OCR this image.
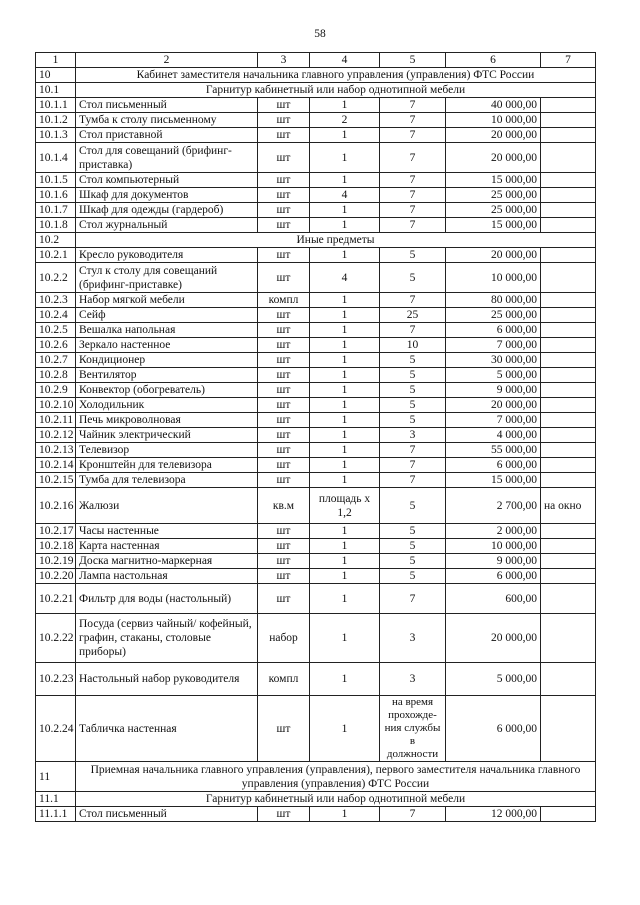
58
1	2	3	4	5	6	7
10	Кабинет заместителя начальника главного управления (управления) ФТС России					
10.1	Гарнитур кабинетный или набор однотипной мебели					
10.1.1	Стол письменный	шт	1	7	40 000,00	
10.1.2	Тумба к столу письменному	шт	2	7	10 000,00	
10.1.3	Стол приставной	шт	1	7	20 000,00	
10.1.4	Стол для совещаний (брифинг-приставка)	шт	1	7	20 000,00	
10.1.5	Стол компьютерный	шт	1	7	15 000,00	
10.1.6	Шкаф для документов	шт	4	7	25 000,00	
10.1.7	Шкаф для одежды (гардероб)	шт	1	7	25 000,00	
10.1.8	Стол журнальный	шт	1	7	15 000,00	
10.2	Иные предметы					
10.2.1	Кресло руководителя	шт	1	5	20 000,00	
10.2.2	Стул к столу для совещаний (брифинг-приставке)	шт	4	5	10 000,00	
10.2.3	Набор мягкой мебели	компл	1	7	80 000,00	
10.2.4	Сейф	шт	1	25	25 000,00	
10.2.5	Вешалка напольная	шт	1	7	6 000,00	
10.2.6	Зеркало настенное	шт	1	10	7 000,00	
10.2.7	Кондиционер	шт	1	5	30 000,00	
10.2.8	Вентилятор	шт	1	5	5 000,00	
10.2.9	Конвектор (обогреватель)	шт	1	5	9 000,00	
10.2.10	Холодильник	шт	1	5	20 000,00	
10.2.11	Печь микроволновая	шт	1	5	7 000,00	
10.2.12	Чайник электрический	шт	1	3	4 000,00	
10.2.13	Телевизор	шт	1	7	55 000,00	
10.2.14	Кронштейн для телевизора	шт	1	7	6 000,00	
10.2.15	Тумба для телевизора	шт	1	7	15 000,00	
10.2.16	Жалюзи	кв.м	площадь х 1,2	5	2 700,00	на окно
10.2.17	Часы настенные	шт	1	5	2 000,00	
10.2.18	Карта настенная	шт	1	5	10 000,00	
10.2.19	Доска магнитно-маркерная	шт	1	5	9 000,00	
10.2.20	Лампа настольная	шт	1	5	6 000,00	
10.2.21	Фильтр для воды (настольный)	шт	1	7	600,00	
10.2.22	Посуда (сервиз чайный/ кофейный, графин, стаканы, столовые приборы)	набор	1	3	20 000,00	
10.2.23	Настольный набор руководителя	компл	1	3	5 000,00	
10.2.24	Табличка настенная	шт	1	на время прохожде-ния службы в должности	6 000,00	
11	Приемная начальника главного управления (управления), первого заместителя начальника главного управления (управления) ФТС России					
11.1	Гарнитур кабинетный или набор однотипной мебели					
11.1.1	Стол письменный	шт	1	7	12 000,00	
